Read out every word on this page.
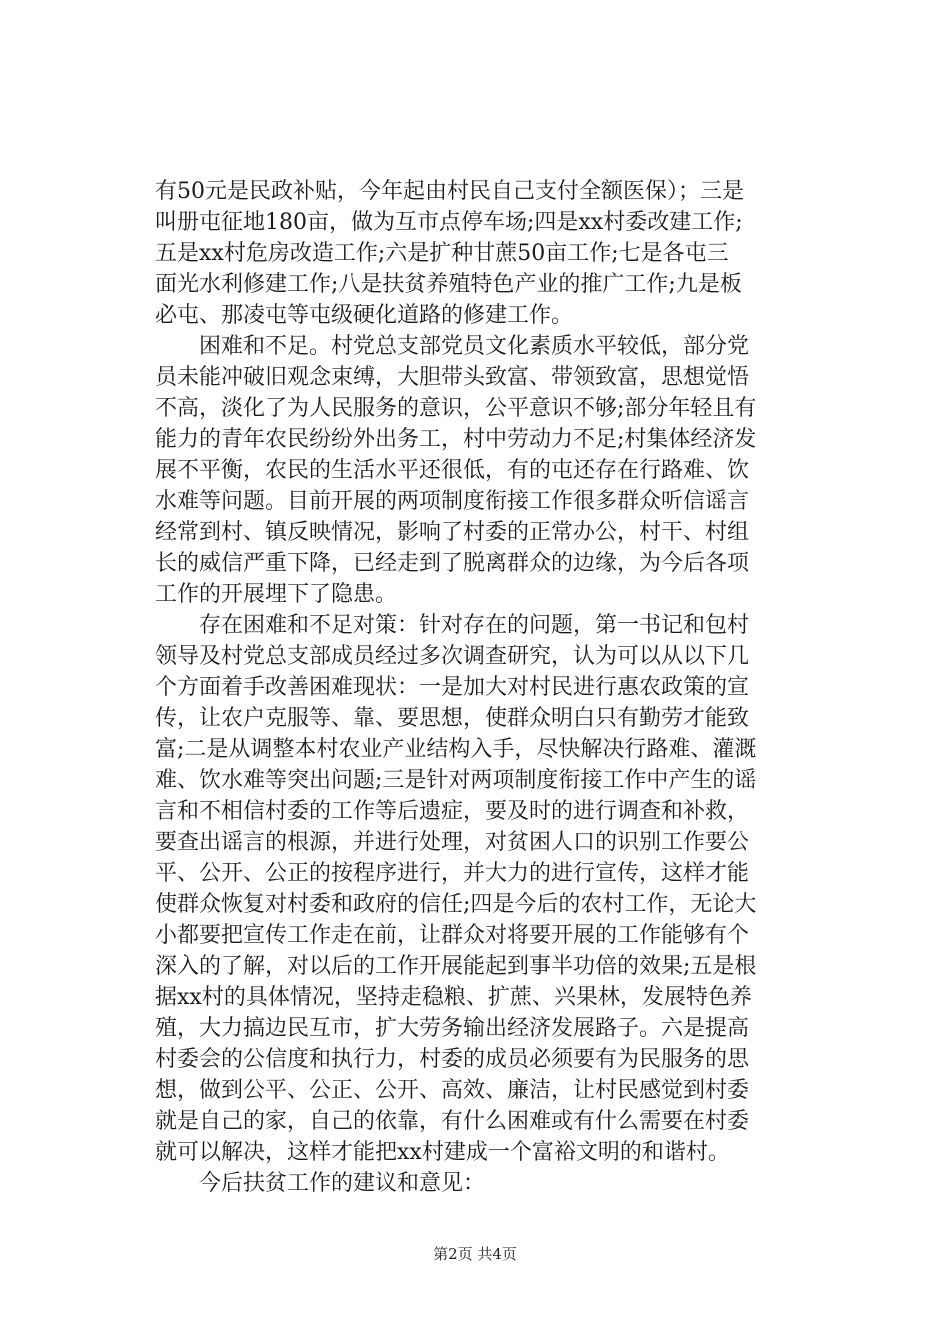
有50元是民政补贴，今年起由村民自己支付全额医保）；三是
叫册屯征地180亩，做为互市点停车场;四是xx村委改建工作;
五是xx村危房改造工作;六是扩种甘蔗50亩工作;七是各屯三
面光水利修建工作;八是扶贫养殖特色产业的推广工作;九是板
必屯、那凌屯等屯级硬化道路的修建工作。
　　困难和不足。村党总支部党员文化素质水平较低，部分党
员未能冲破旧观念束缚，大胆带头致富、带领致富，思想觉悟
不高，淡化了为人民服务的意识，公平意识不够;部分年轻且有
能力的青年农民纷纷外出务工，村中劳动力不足;村集体经济发
展不平衡，农民的生活水平还很低，有的屯还存在行路难、饮
水难等问题。目前开展的两项制度衔接工作很多群众听信谣言
经常到村、镇反映情况，影响了村委的正常办公，村干、村组
长的威信严重下降，已经走到了脱离群众的边缘，为今后各项
工作的开展埋下了隐患。
　　存在困难和不足对策：针对存在的问题，第一书记和包村
领导及村党总支部成员经过多次调查研究，认为可以从以下几
个方面着手改善困难现状：一是加大对村民进行惠农政策的宣
传，让农户克服等、靠、要思想，使群众明白只有勤劳才能致
富;二是从调整本村农业产业结构入手，尽快解决行路难、灌溉
难、饮水难等突出问题;三是针对两项制度衔接工作中产生的谣
言和不相信村委的工作等后遗症，要及时的进行调查和补救，
要查出谣言的根源，并进行处理，对贫困人口的识别工作要公
平、公开、公正的按程序进行，并大力的进行宣传，这样才能
使群众恢复对村委和政府的信任;四是今后的农村工作，无论大
小都要把宣传工作走在前，让群众对将要开展的工作能够有个
深入的了解，对以后的工作开展能起到事半功倍的效果;五是根
据xx村的具体情况，坚持走稳粮、扩蔗、兴果林，发展特色养
殖，大力搞边民互市，扩大劳务输出经济发展路子。六是提高
村委会的公信度和执行力，村委的成员必须要有为民服务的思
想，做到公平、公正、公开、高效、廉洁，让村民感觉到村委
就是自己的家，自己的依靠，有什么困难或有什么需要在村委
就可以解决，这样才能把xx村建成一个富裕文明的和谐村。
　　今后扶贫工作的建议和意见：
第2页 共4页
